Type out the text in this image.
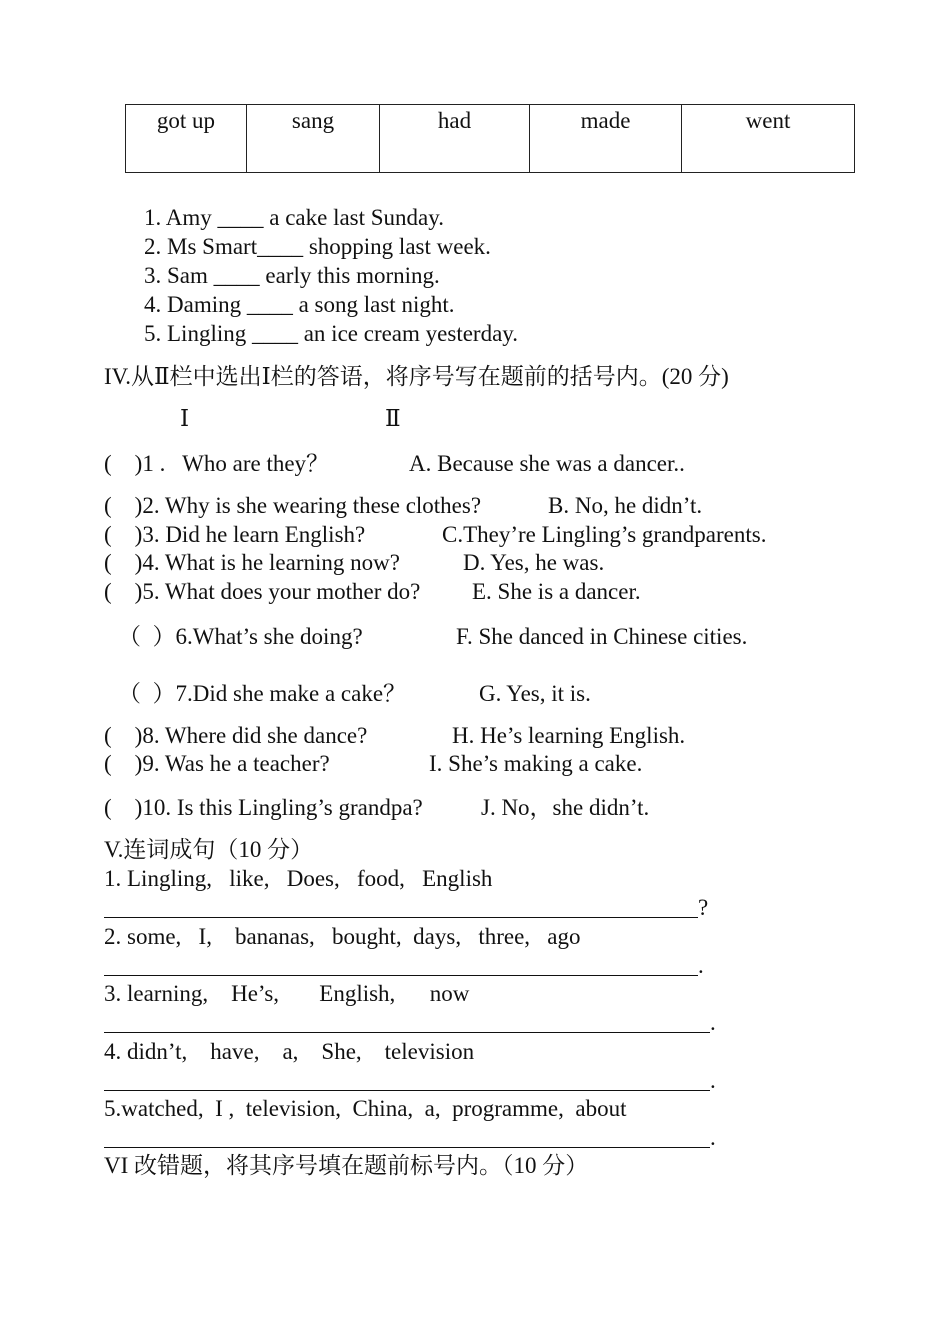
got up	sang	had	made	went
1. Amy ____ a cake last Sunday.
2. Ms Smart____ shopping last week.
3. Sam ____ early this morning.
4. Daming ____ a song last night.
5. Lingling ____ an ice cream yesterday.
IV.从Ⅱ栏中选出Ⅰ栏的答语，将序号写在题前的括号内。(20 分)
Ⅰ	Ⅱ
(    )1 .   Who are they？	A. Because she was a dancer..
(    )2. Why is she wearing these clothes?	B. No, he didn’t.
(    )3. Did he learn English?	C.They’re Lingling’s grandparents.
(    )4. What is he learning now?	D. Yes, he was.
(    )5. What does your mother do? E. She is a dancer.
（  ）6.What’s she doing?	F. She danced in Chinese cities.
（  ）7.Did she make a cake？	G. Yes, it is.
(    )8. Where did she dance?	H. He’s learning English.
(    )9. Was he a teacher?	I. She’s making a cake.
(    )10. Is this Lingling’s grandpa?	J. No，she didn’t.
V.连词成句（10 分）
1. Lingling,   like,   Does,   food,   English
?
2. some,   I,    bananas,   bought,  days,   three,   ago
.
3. learning,    He’s,       English,      now
.
4. didn’t,    have,    a,    She,    television
.
5.watched,  I ,  television,  China,  a,  programme,  about
.
VI 改错题，将其序号填在题前标号内。（10 分）
